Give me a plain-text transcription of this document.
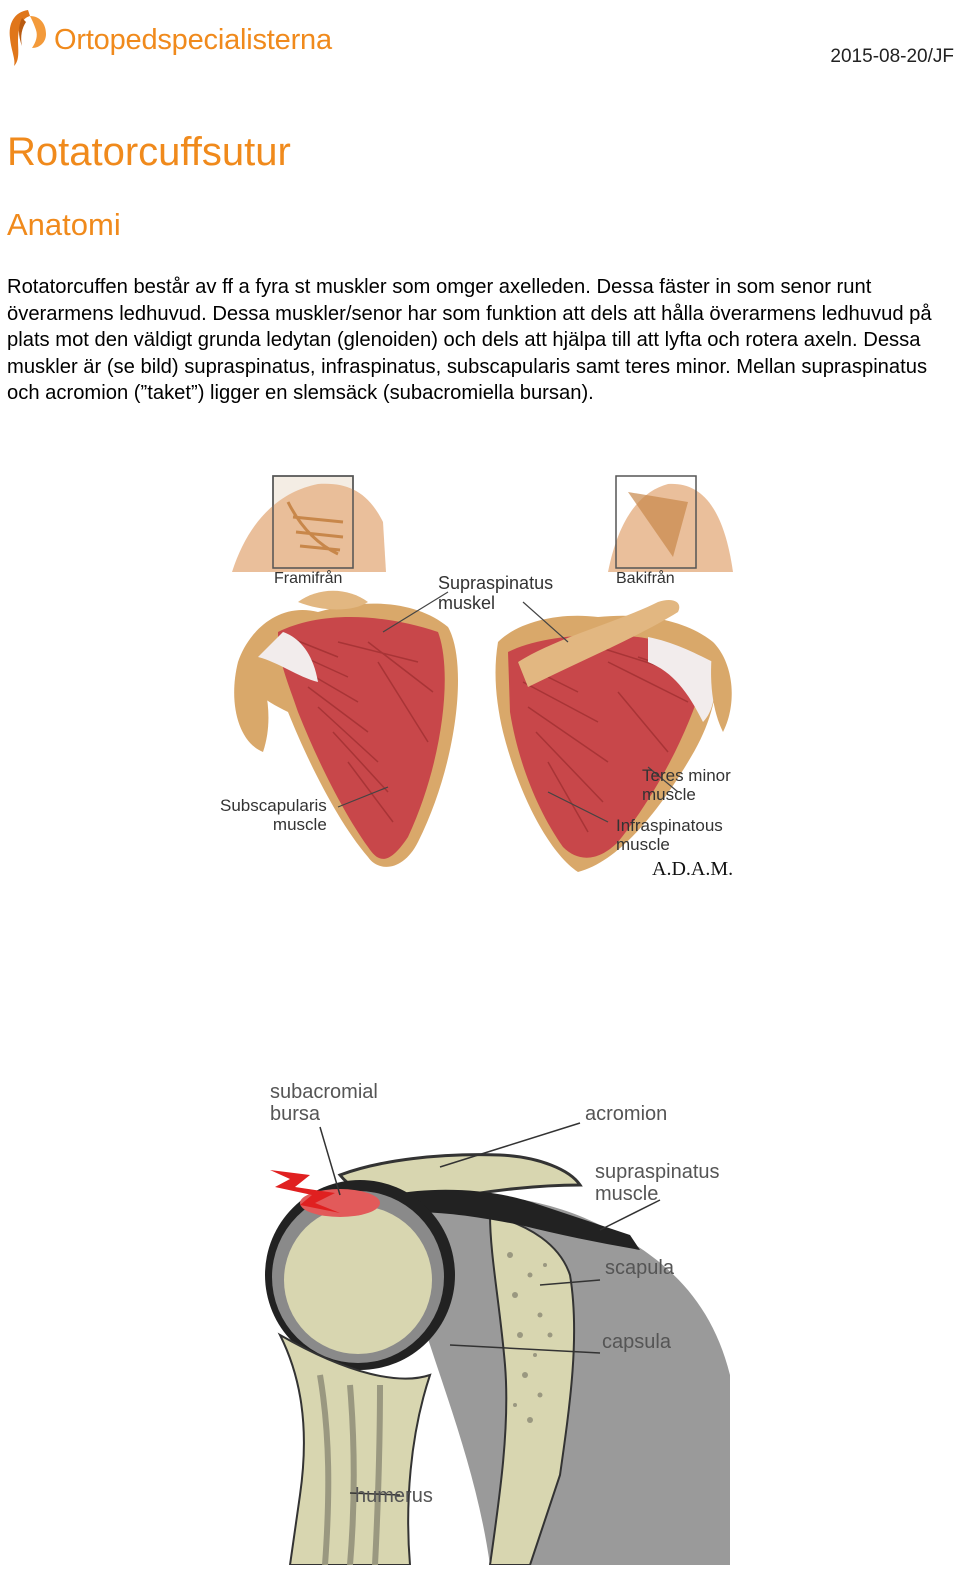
Ortopedspecialisterna
2015-08-20/JF
Rotatorcuffsutur
Anatomi

Rotatorcuffen består av ff a fyra st muskler som omger axelleden. Dessa fäster in som senor runt överarmens ledhuvud. Dessa muskler/senor har som funktion att dels att hålla överarmens ledhuvud på plats mot den väldigt grunda ledytan (glenoiden) och dels att hjälpa till att lyfta och rotera axeln. Dessa muskler är (se bild) supraspinatus, infraspinatus, subscapularis samt teres minor. Mellan supraspinatus och acromion (”taket”) ligger en slemsäck (subacromiella bursan).

Framifrån	Bakifrån
Supraspinatus
muskel
Subscapularis
muscle
Teres minor
muscle
Infraspinatous
muscle
A.D.A.M.
subacromial
bursa	acromion
supraspinatus
muscle
scapula
capsula
humerus
